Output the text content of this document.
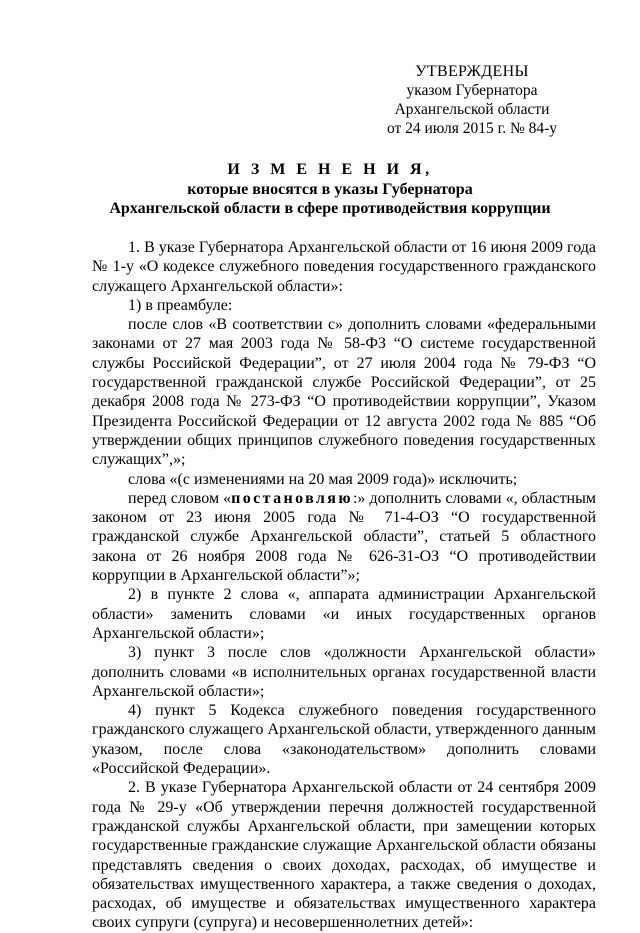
УТВЕРЖДЕНЫ
указом Губернатора
Архангельской области
от 24 июля 2015 г. № 84-у
И З М Е Н Е Н И Я,
которые вносятся в указы Губернатора
Архангельской области в сфере противодействия коррупции

1. В указе Губернатора Архангельской области от 16 июня 2009 года № 1-у «О кодексе служебного поведения государственного гражданского служащего Архангельской области»:

1) в преамбуле:

после слов «В соответствии с» дополнить словами «федеральными законами от 27 мая 2003 года № 58-ФЗ “О системе государственной службы Российской Федерации”, от 27 июля 2004 года № 79-ФЗ “О государственной гражданской службе Российской Федерации”, от 25 декабря 2008 года № 273-ФЗ “О противодействии коррупции”, Указом Президента Российской Федерации от 12 августа 2002 года № 885 “Об утверждении общих принципов служебного поведения государственных служащих”,»;

слова «(с изменениями на 20 мая 2009 года)» исключить;

перед словом «постановляю:» дополнить словами «, областным законом от 23 июня 2005 года № 71-4-ОЗ “О государственной гражданской службе Архангельской области”, статьей 5 областного закона от 26 ноября 2008 года № 626-31-ОЗ “О противодействии коррупции в Архангельской области”»;

2) в пункте 2 слова «, аппарата администрации Архангельской области» заменить словами «и иных государственных органов Архангельской области»;

3) пункт 3 после слов «должности Архангельской области» дополнить словами «в исполнительных органах государственной власти Архангельской области»;

4) пункт 5 Кодекса служебного поведения государственного гражданского служащего Архангельской области, утвержденного данным указом, после слова «законодательством» дополнить словами «Российской Федерации».

2. В указе Губернатора Архангельской области от 24 сентября 2009 года № 29-у «Об утверждении перечня должностей государственной гражданской службы Архангельской области, при замещении которых государственные гражданские служащие Архангельской области обязаны представлять сведения о своих доходах, расходах, об имуществе и обязательствах имущественного характера, а также сведения о доходах, расходах, об имуществе и обязательствах имущественного характера своих супруги (супруга) и несовершеннолетних детей»:
